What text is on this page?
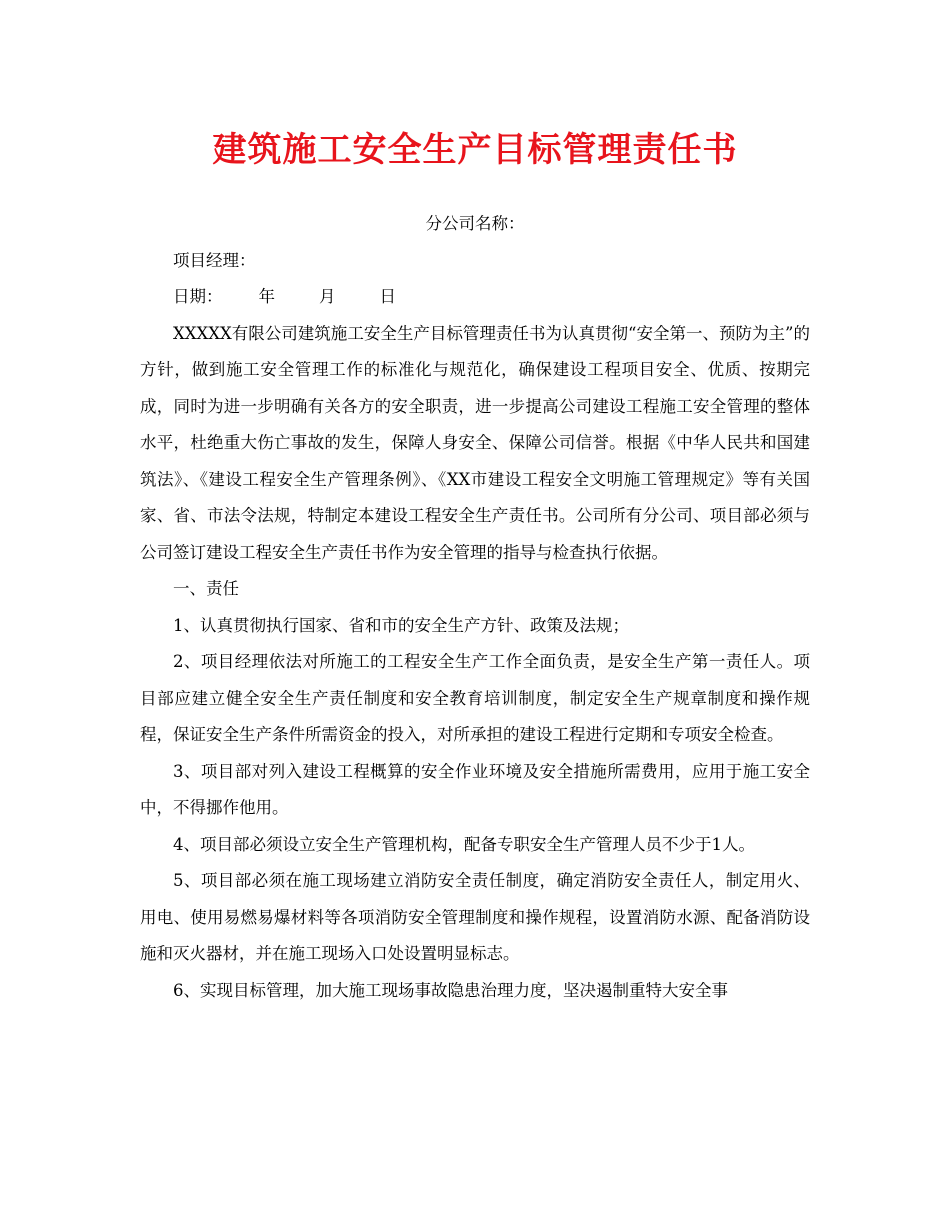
建筑施工安全生产目标管理责任书

分公司名称：

项目经理：

日期： 年	月	日

XXXXX有限公司建筑施工安全生产目标管理责任书为认真贯彻“安全第一、预防为主”的方针，做到施工安全管理工作的标准化与规范化，确保建设工程项目安全、优质、按期完成，同时为进一步明确有关各方的安全职责，进一步提高公司建设工程施工安全管理的整体水平，杜绝重大伤亡事故的发生，保障人身安全、保障公司信誉。根据《中华人民共和国建筑法》、《建设工程安全生产管理条例》、《XX市建设工程安全文明施工管理规定》等有关国家、省、市法令法规，特制定本建设工程安全生产责任书。公司所有分公司、项目部必须与公司签订建设工程安全生产责任书作为安全管理的指导与检查执行依据。

一、责任

1、认真贯彻执行国家、省和市的安全生产方针、政策及法规；

2、项目经理依法对所施工的工程安全生产工作全面负责，是安全生产第一责任人。项目部应建立健全安全生产责任制度和安全教育培训制度，制定安全生产规章制度和操作规程，保证安全生产条件所需资金的投入，对所承担的建设工程进行定期和专项安全检查。

3、项目部对列入建设工程概算的安全作业环境及安全措施所需费用，应用于施工安全中，不得挪作他用。

4、项目部必须设立安全生产管理机构，配备专职安全生产管理人员不少于1人。

5、项目部必须在施工现场建立消防安全责任制度，确定消防安全责任人，制定用火、用电、使用易燃易爆材料等各项消防安全管理制度和操作规程，设置消防水源、配备消防设施和灭火器材，并在施工现场入口处设置明显标志。

6、实现目标管理，加大施工现场事故隐患治理力度，坚决遏制重特大安全事
